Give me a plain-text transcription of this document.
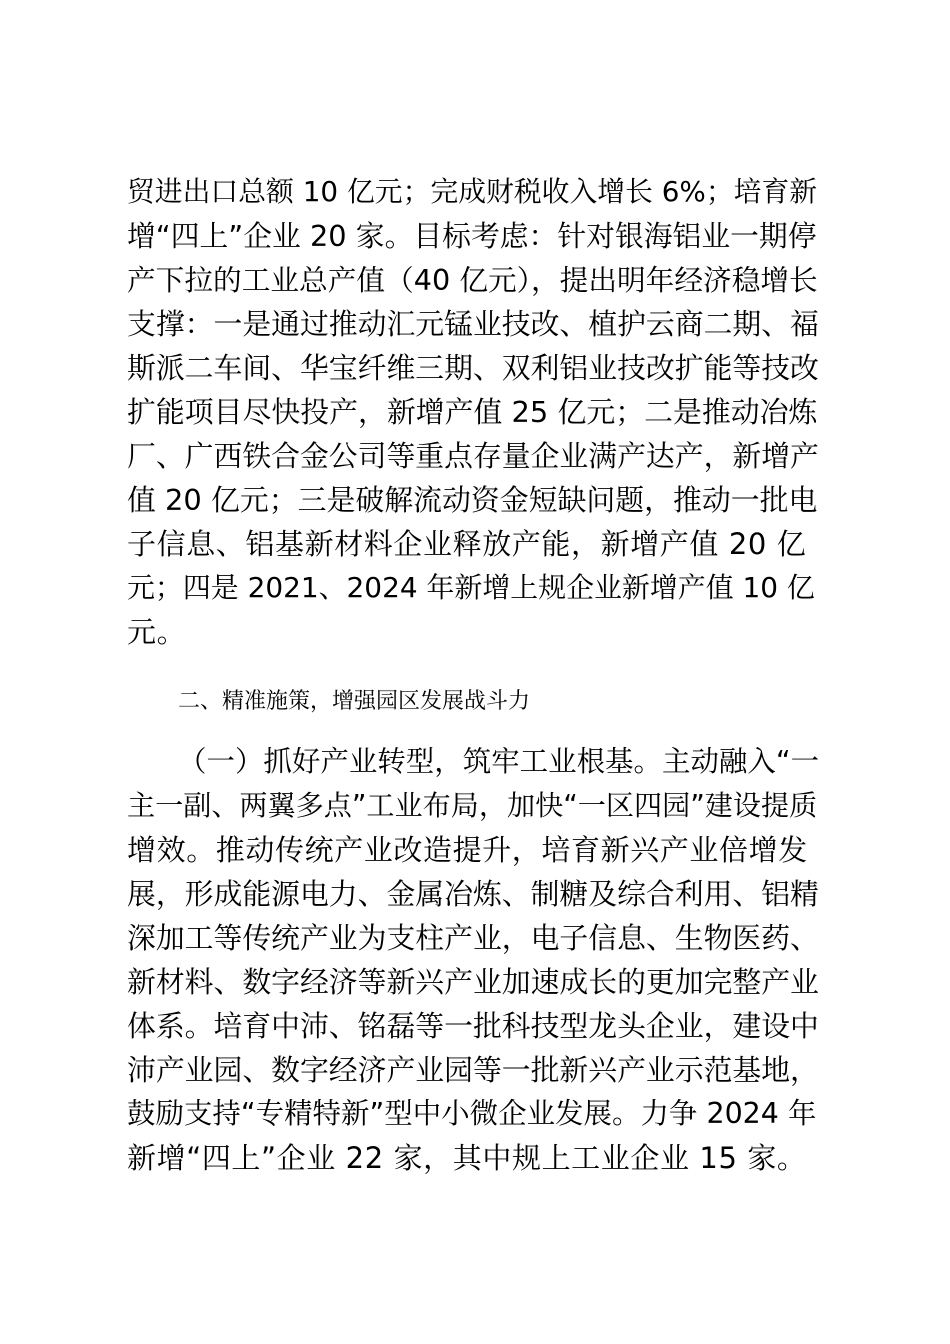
贸进出口总额 10 亿元；完成财税收入增长 6%；培育新
增“四上”企业 20 家。目标考虑：针对银海铝业一期停
产下拉的工业总产值（40 亿元），提出明年经济稳增长
支撑：一是通过推动汇元锰业技改、植护云商二期、福
斯派二车间、华宝纤维三期、双利铝业技改扩能等技改
扩能项目尽快投产，新增产值 25 亿元；二是推动冶炼
厂、广西铁合金公司等重点存量企业满产达产，新增产
值 20 亿元；三是破解流动资金短缺问题，推动一批电
子信息、铝基新材料企业释放产能，新增产值 20 亿
元；四是 2021、2024 年新增上规企业新增产值 10 亿
元。
二、精准施策，增强园区发展战斗力
（一）抓好产业转型，筑牢工业根基。主动融入“一
主一副、两翼多点”工业布局，加快“一区四园”建设提质
增效。推动传统产业改造提升，培育新兴产业倍增发
展，形成能源电力、金属冶炼、制糖及综合利用、铝精
深加工等传统产业为支柱产业，电子信息、生物医药、
新材料、数字经济等新兴产业加速成长的更加完整产业
体系。培育中沛、铭磊等一批科技型龙头企业，建设中
沛产业园、数字经济产业园等一批新兴产业示范基地，
鼓励支持“专精特新”型中小微企业发展。力争 2024 年
新增“四上”企业 22 家，其中规上工业企业 15 家。
